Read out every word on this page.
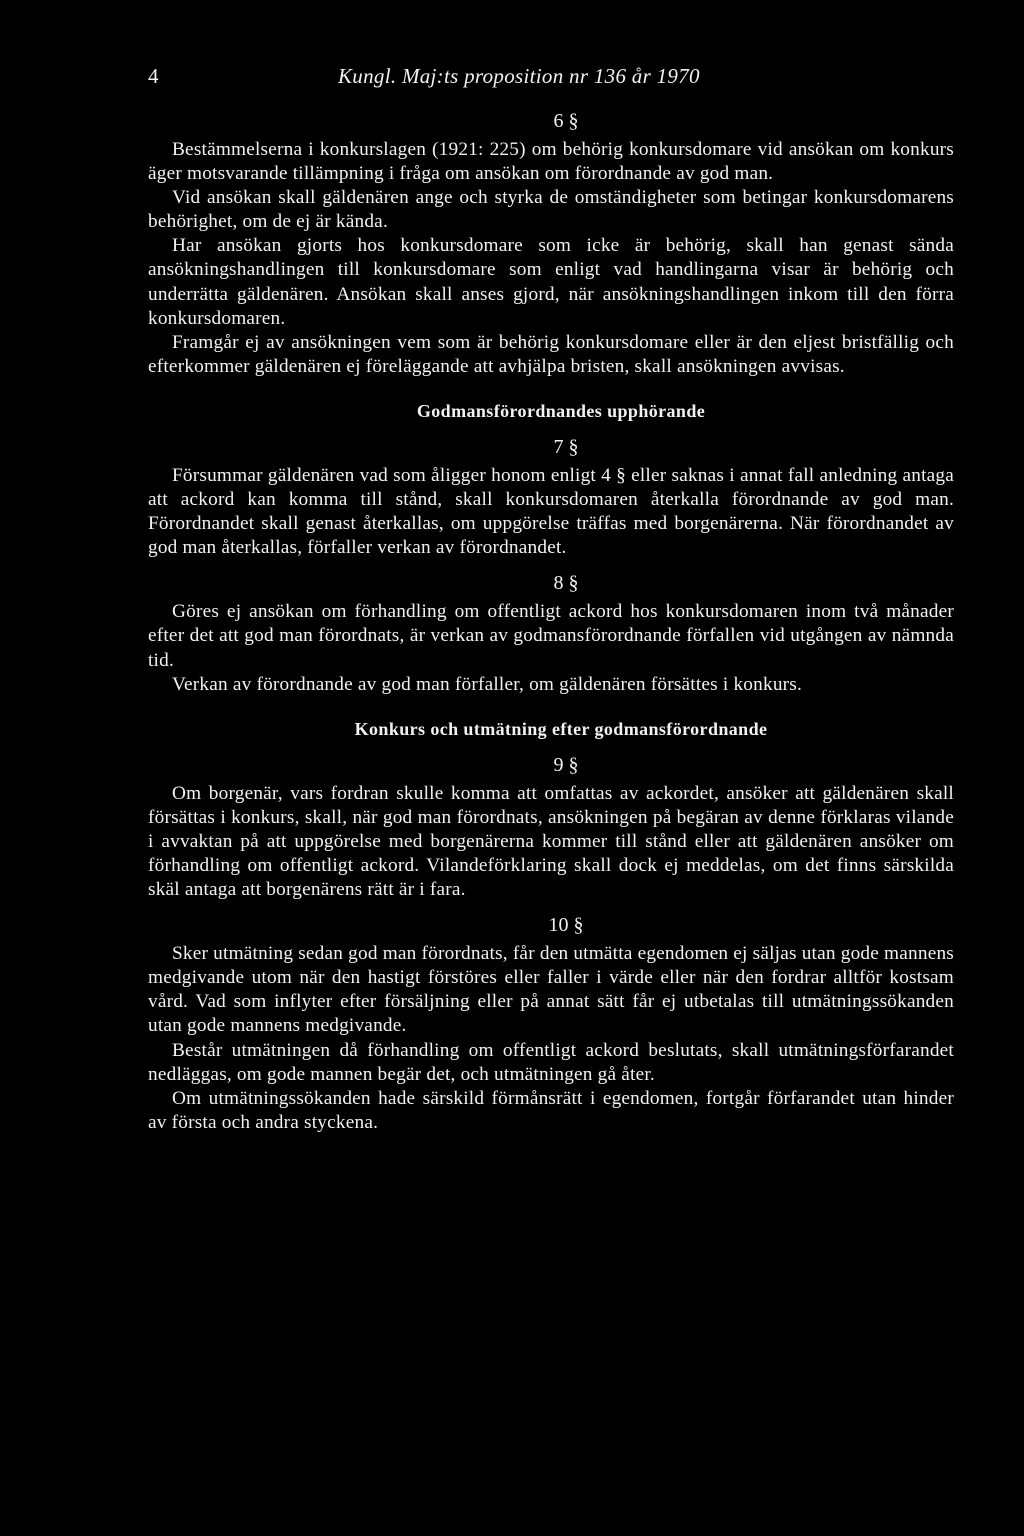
4	Kungl. Maj:ts proposition nr 136 år 1970
6 §

Bestämmelserna i konkurslagen (1921: 225) om behörig konkursdomare vid ansökan om konkurs äger motsvarande tillämpning i fråga om ansökan om förordnande av god man.

Vid ansökan skall gäldenären ange och styrka de omständigheter som betingar konkursdomarens behörighet, om de ej är kända.

Har ansökan gjorts hos konkursdomare som icke är behörig, skall han genast sända ansökningshandlingen till konkursdomare som enligt vad handlingarna visar är behörig och underrätta gäldenären. Ansökan skall anses gjord, när ansökningshandlingen inkom till den förra konkursdomaren.

Framgår ej av ansökningen vem som är behörig konkursdomare eller är den eljest bristfällig och efterkommer gäldenären ej föreläggande att avhjälpa bristen, skall ansökningen avvisas.

Godmansförordnandes upphörande
7 §

Försummar gäldenären vad som åligger honom enligt 4 § eller saknas i annat fall anledning antaga att ackord kan komma till stånd, skall konkursdomaren återkalla förordnande av god man. Förordnandet skall genast återkallas, om uppgörelse träffas med borgenärerna. När förordnandet av god man återkallas, förfaller verkan av förordnandet.

8 §

Göres ej ansökan om förhandling om offentligt ackord hos konkursdomaren inom två månader efter det att god man förordnats, är verkan av godmansförordnande förfallen vid utgången av nämnda tid.

Verkan av förordnande av god man förfaller, om gäldenären försättes i konkurs.

Konkurs och utmätning efter godmansförordnande
9 §

Om borgenär, vars fordran skulle komma att omfattas av ackordet, ansöker att gäldenären skall försättas i konkurs, skall, när god man förordnats, ansökningen på begäran av denne förklaras vilande i avvaktan på att uppgörelse med borgenärerna kommer till stånd eller att gäldenären ansöker om förhandling om offentligt ackord. Vilandeförklaring skall dock ej meddelas, om det finns särskilda skäl antaga att borgenärens rätt är i fara.

10 §

Sker utmätning sedan god man förordnats, får den utmätta egendomen ej säljas utan gode mannens medgivande utom när den hastigt förstöres eller faller i värde eller när den fordrar alltför kostsam vård. Vad som inflyter efter försäljning eller på annat sätt får ej utbetalas till utmätningssökanden utan gode mannens medgivande.

Består utmätningen då förhandling om offentligt ackord beslutats, skall utmätningsförfarandet nedläggas, om gode mannen begär det, och utmätningen gå åter.

Om utmätningssökanden hade särskild förmånsrätt i egendomen, fortgår förfarandet utan hinder av första och andra styckena.
